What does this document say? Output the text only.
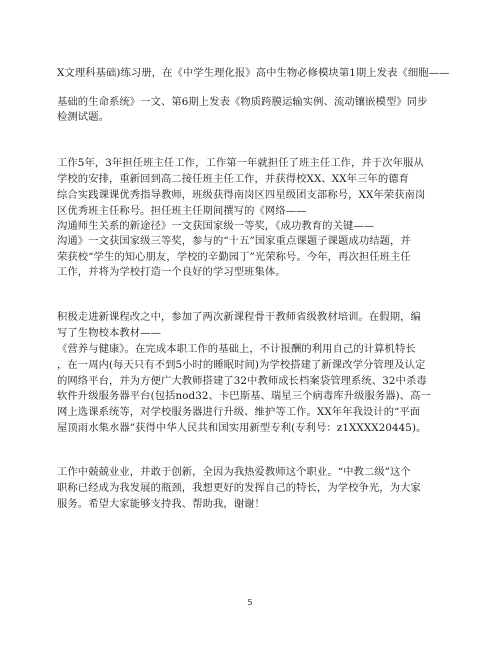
X文理科基础)练习册，在《中学生理化报》高中生物必修模块第1期上发表《细胞——
基础的生命系统》一文、第6期上发表《物质跨膜运输实例、流动镶嵌模型》同步
检测试题。
工作5年，3年担任班主任工作，工作第一年就担任了班主任工作，并于次年服从
学校的安排，重新回到高二接任班主任工作，并获得校XX、XX年三年的德育
综合实践课课优秀指导教师，班级获得南岗区四星级团支部称号，XX年荣获南岗
区优秀班主任称号。担任班主任期间撰写的《网络——
沟通师生关系的新途径》一文获国家级一等奖，《成功教育的关键——
沟通》一文获国家级三等奖，参与的“十五”国家重点课题子课题成功结题，并
荣获校“学生的知心朋友，学校的辛勤园丁”光荣称号。今年，再次担任班主任
工作，并将为学校打造一个良好的学习型班集体。
积极走进新课程改之中，参加了两次新课程骨干教师省级教材培训。在假期，编
写了生物校本教材——
《营养与健康》。在完成本职工作的基础上，不计报酬的利用自己的计算机特长
，在一周内(每天只有不到5小时的睡眠时间)为学校搭建了新课改学分管理及认定
的网络平台，并为方便广大教师搭建了32中教师成长档案袋管理系统、32中杀毒
软件升级服务器平台(包括nod32、卡巴斯基、瑞星三个病毒库升级服务器)、高一
网上选课系统等，对学校服务器进行升级、维护等工作。XX年年我设计的“平面
屋顶雨水集水器”获得中华人民共和国实用新型专利(专利号：z1XXXX20445)。
工作中兢兢业业，并敢于创新，全因为我热爱教师这个职业。“中教二级”这个
职称已经成为我发展的瓶颈，我想更好的发挥自己的特长，为学校争光，为大家
服务。希望大家能够支持我、帮助我，谢谢！
5
